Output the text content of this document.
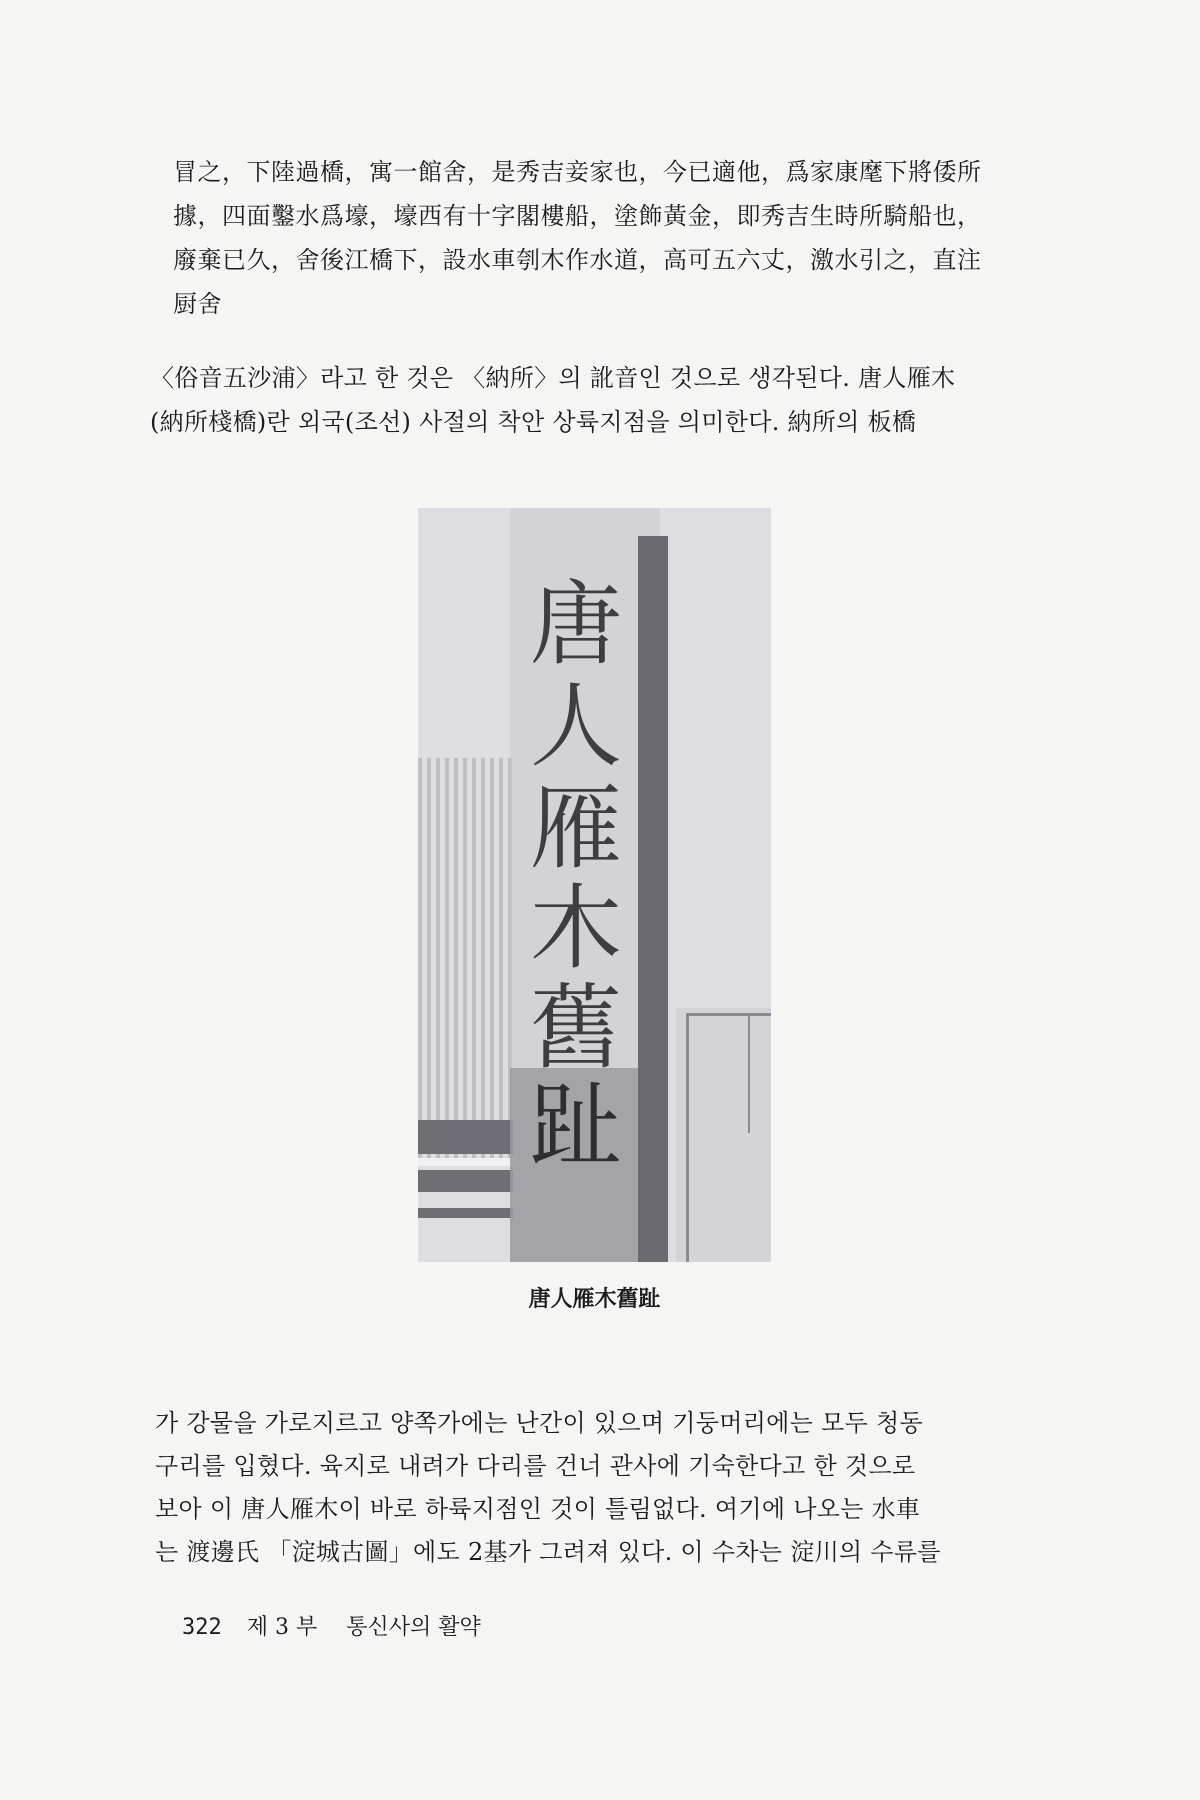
冒之，下陸過橋，寓一館舍，是秀吉妾家也，今已適他，爲家康麾下將倭所
據，四面鑿水爲壕，壕西有十字閣樓船，塗飾黃金，即秀吉生時所騎船也，
廢棄已久，舍後江橋下，設水車刳木作水道，高可五六丈，激水引之，直注
厨舍
〈俗音五沙浦〉라고 한 것은 〈納所〉의 訛音인 것으로 생각된다. 唐人雁木
(納所棧橋)란 외국(조선) 사절의 착안 상륙지점을 의미한다. 納所의 板橋
唐
人
雁
木
舊
趾
唐人雁木舊趾
가 강물을 가로지르고 양쪽가에는 난간이 있으며 기둥머리에는 모두 청동
구리를 입혔다. 육지로 내려가 다리를 건너 관사에 기숙한다고 한 것으로
보아 이 唐人雁木이 바로 하륙지점인 것이 틀림없다. 여기에 나오는 水車
는 渡邊氏 「淀城古圖」에도 2基가 그려져 있다. 이 수차는 淀川의 수류를
322 제 3 부 통신사의 활약
